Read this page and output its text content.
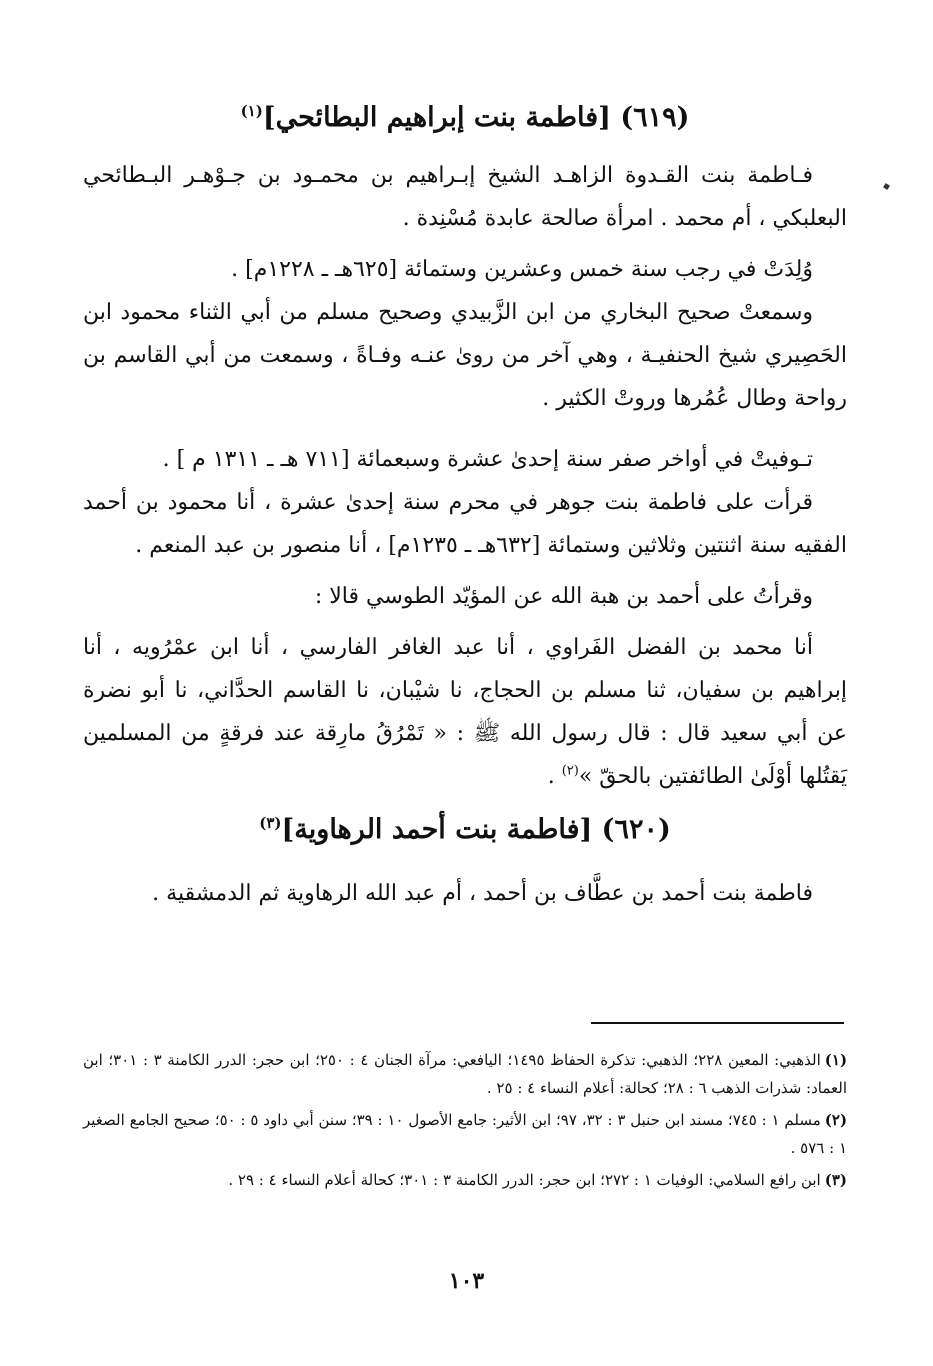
(٦١٩) [فاطمة بنت إبراهيم البطائحي]$^{(١)}$

فـاطمة بنت القـدوة الزاهـد الشيخ إبـراهيم بن محمـود بن جـوْهـر البـطائحي البعلبكي ، أم محمد . امرأة صالحة عابدة مُسْنِدة .

وُلِدَتْ في رجب سنة خمس وعشرين وستمائة [٦٢٥هـ ـ ١٢٢٨م] .

وسمعتْ صحيح البخاري من ابن الزَّبيدي وصحيح مسلم من أبي الثناء محمود ابن الحَصِيري شيخ الحنفيـة ، وهي آخر من روىٰ عنـه وفـاةً ، وسمعت من أبي القاسم بن رواحة وطال عُمُرها وروتْ الكثير .

تـوفيتْ في أواخر صفر سنة إحدىٰ عشرة وسبعمائة [٧١١ هـ ـ ١٣١١ م ] .

قرأت على فاطمة بنت جوهر في محرم سنة إحدىٰ عشرة ، أنا محمود بن أحمد الفقيه سنة اثنتين وثلاثين وستمائة [٦٣٢هـ ـ ١٢٣٥م] ، أنا منصور بن عبد المنعم .

وقرأتُ على أحمد بن هبة الله عن المؤيّد الطوسي قالا :

أنا محمد بن الفضل الفَراوي ، أنا عبد الغافر الفارسي ، أنا ابن عمْرُويه ، أنا إبراهيم بن سفيان، ثنا مسلم بن الحجاج، نا شيْبان، نا القاسم الحدَّاني، نا أبو نضرة عن أبي سعيد قال : قال رسول الله ﷺ : « تَمْرُقُ مارِقة عند فرقةٍ من المسلمين يَقتُلها أوْلَىٰ الطائفتين بالحقّ »$^{(٢)}$ .

(٦٢٠) [فاطمة بنت أحمد الرهاوية]$^{(٣)}$

فاطمة بنت أحمد بن عطَّاف بن أحمد ، أم عبد الله الرهاوية ثم الدمشقية .

(١)الذهبي: المعين ٢٢٨؛ الذهبي: تذكرة الحفاظ ١٤٩٥؛ اليافعي: مرآة الجنان ٤ : ٢٥٠؛ ابن حجر: الدرر الكامنة ٣ : ٣٠١؛ ابن العماد: شذرات الذهب ٦ : ٢٨؛ كحالة: أعلام النساء ٤ : ٢٥ .

(٢)مسلم ١ : ٧٤٥؛ مسند ابن حنبل ٣ : ٣٢، ٩٧؛ ابن الأثير: جامع الأصول ١٠ : ٣٩؛ سنن أبي داود ٥ : ٥٠؛ صحيح الجامع الصغير ١ : ٥٧٦ .

(٣)ابن رافع السلامي: الوفيات ١ : ٢٧٢؛ ابن حجر: الدرر الكامنة ٣ : ٣٠١؛ كحالة أعلام النساء ٤ : ٢٩ .

١٠٣
